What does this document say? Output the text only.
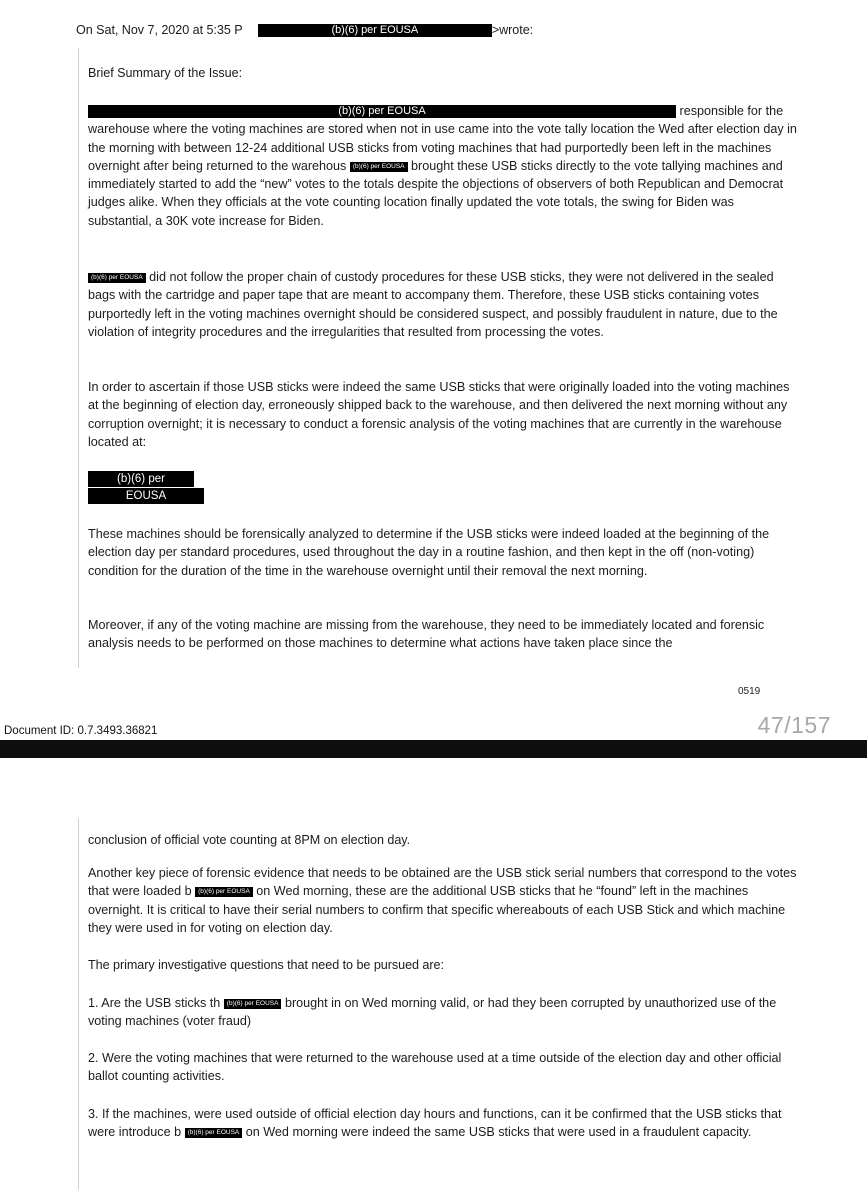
On Sat, Nov 7, 2020 at 5:35 P	(b)(6) per EOUSA	>wrote:
Brief Summary of the Issue:

(b)(6) per EOUSA	responsible for the warehouse where the voting machines are stored when not in use came into the vote tally location the Wed after election day in the morning with between 12-24 additional USB sticks from voting machines that had purportedly been left in the machines overnight after being returned to the warehous (b)(6) per EOUSA brought these USB sticks directly to the vote tallying machines and immediately started to add the “new” votes to the totals despite the objections of observers of both Republican and Democrat judges alike. When they officials at the vote counting location finally updated the vote totals, the swing for Biden was substantial, a 30K vote increase for Biden.

(b)(6) per EOUSA did not follow the proper chain of custody procedures for these USB sticks, they were not delivered in the sealed bags with the cartridge and paper tape that are meant to accompany them. Therefore, these USB sticks containing votes purportedly left in the voting machines overnight should be considered suspect, and possibly fraudulent in nature, due to the violation of integrity procedures and the irregularities that resulted from processing the votes.

In order to ascertain if those USB sticks were indeed the same USB sticks that were originally loaded into the voting machines at the beginning of election day, erroneously shipped back to the warehouse, and then delivered the next morning without any corruption overnight; it is necessary to conduct a forensic analysis of the voting machines that are currently in the warehouse located at:

(b)(6) per
EOUSA

These machines should be forensically analyzed to determine if the USB sticks were indeed loaded at the beginning of the election day per standard procedures, used throughout the day in a routine fashion, and then kept in the off (non-voting) condition for the duration of the time in the warehouse overnight until their removal the next morning.

Moreover, if any of the voting machine are missing from the warehouse, they need to be immediately located and forensic analysis needs to be performed on those machines to determine what actions have taken place since the

0519
Document ID: 0.7.3493.36821	47/157
conclusion of official vote counting at 8PM on election day.

Another key piece of forensic evidence that needs to be obtained are the USB stick serial numbers that correspond to the votes that were loaded b (b)(6) per EOUSA on Wed morning, these are the additional USB sticks that he “found” left in the machines overnight. It is critical to have their serial numbers to confirm that specific whereabouts of each USB Stick and which machine they were used in for voting on election day.

The primary investigative questions that need to be pursued are:

1. Are the USB sticks th (b)(6) per EOUSA brought in on Wed morning valid, or had they been corrupted by unauthorized use of the voting machines (voter fraud)

2. Were the voting machines that were returned to the warehouse used at a time outside of the election day and other official ballot counting activities.

3. If the machines, were used outside of official election day hours and functions, can it be confirmed that the USB sticks that were introduce b (b)(6) per EOUSA on Wed morning were indeed the same USB sticks that were used in a fraudulent capacity.
